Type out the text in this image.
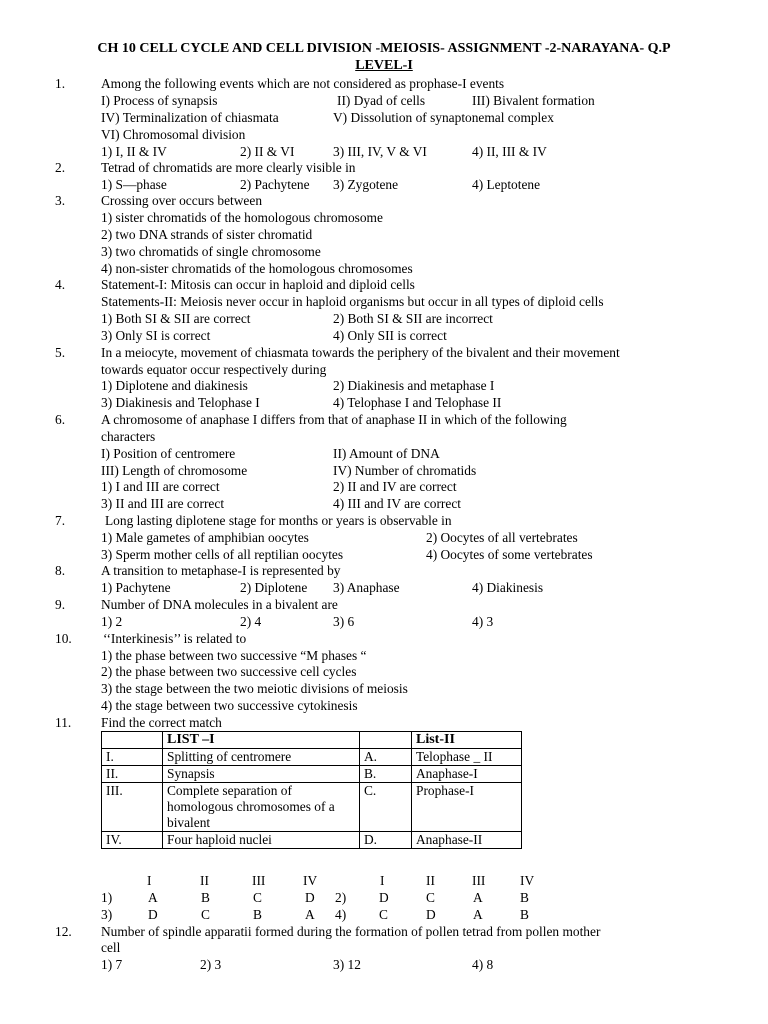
CH 10 CELL CYCLE AND CELL DIVISION -MEIOSIS- ASSIGNMENT -2-NARAYANA- Q.P
LEVEL-I
1.	Among the following events which are not considered as prophase-I events
I) Process of synapsis	II) Dyad of cells	III) Bivalent formation
IV) Terminalization of chiasmata	V) Dissolution of synaptonemal complex
VI) Chromosomal division
1) I, II & IV	2) II & VI	3) III, IV, V & VI	4) II, III & IV
2.	Tetrad of chromatids are more clearly visible in
1) S—phase	2) Pachytene 3) Zygotene	4) Leptotene
3.	Crossing over occurs between
1) sister chromatids of the homologous chromosome
2) two DNA strands of sister chromatid
3) two chromatids of single chromosome
4) non-sister chromatids of the homologous chromosomes
4.	Statement-I: Mitosis can occur in haploid and diploid cells
Statements-II: Meiosis never occur in haploid organisms but occur in all types of diploid cells
1) Both SI & SII are correct	2) Both SI & SII are incorrect
3) Only SI is correct	4) Only SII is correct
5.	In a meiocyte, movement of chiasmata towards the periphery of the bivalent and their movement
towards equator occur respectively during
1) Diplotene and diakinesis	2) Diakinesis and metaphase I
3) Diakinesis and Telophase I	4) Telophase I and Telophase II
6.	A chromosome of anaphase I differs from that of anaphase II in which of the following
characters
I) Position of centromere	II) Amount of DNA
III) Length of chromosome	IV) Number of chromatids
1) I and III are correct	2) II and IV are correct
3) II and III are correct	4) III and IV are correct
7.	Long lasting diplotene stage for months or years is observable in
1) Male gametes of amphibian oocytes	2) Oocytes of all vertebrates
3) Sperm mother cells of all reptilian oocytes	4) Oocytes of some vertebrates
8.	A transition to metaphase-I is represented by
1) Pachytene	2) Diplotene 3) Anaphase	4) Diakinesis
9.	Number of DNA molecules in a bivalent are
1) 2	2) 4	3) 6	4) 3
10. ‘‘Interkinesis’’ is related to
1) the phase between two successive “M phases “
2) the phase between two successive cell cycles
3) the stage between the two meiotic divisions of meiosis
4) the stage between two successive cytokinesis
11. Find the correct match
	LIST –I		List-II
I.	Splitting of centromere	A.	Telophase _ II
II.	Synapsis	B.	Anaphase-I
III.	Complete separation of homologous chromosomes of a bivalent	C.	Prophase-I
IV.	Four haploid nuclei	D.	Anaphase-II
I	II	III	IV	I	II	III	IV
1)	A	B	C	D 2) D	C	A	B
3)	D	C	B	A 4) C	D	A	B
12. Number of spindle apparatii formed during the formation of pollen tetrad from pollen mother
cell
1) 7	2) 3	3) 12	4) 8
